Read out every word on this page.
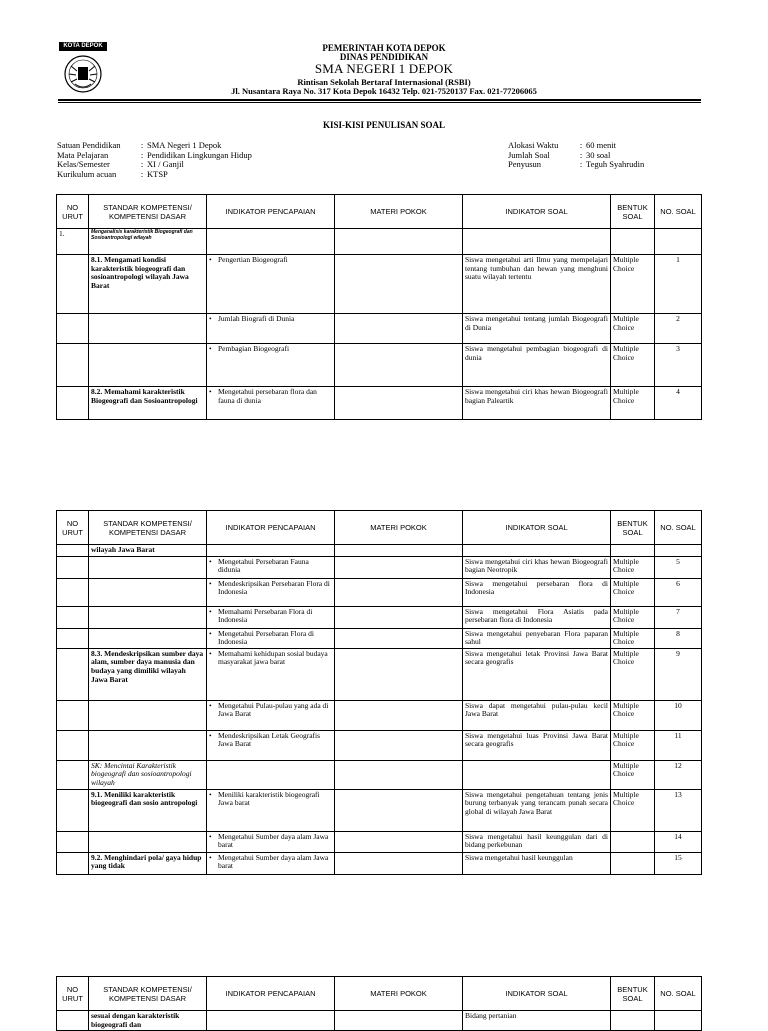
KOTA DEPOK	PEMERINTAH KOTA DEPOK
DINAS PENDIDIKAN
SMA NEGERI 1 DEPOK
Rintisan Sekolah Bertaraf Internasional (RSBI)
Jl. Nusantara Raya No. 317 Kota Depok 16432 Telp. 021-7520137 Fax. 021-77206065
KISI-KISI PENULISAN SOAL
Satuan Pendidikan	: SMA Negeri 1 Depok
Mata Pelajaran	: Pendidikan Lingkungan Hidup
Kelas/Semester	: XI / Ganjil
Kurikulum acuan	: KTSP
Alokasi Waktu	: 60 menit
Jumlah Soal	: 30 soal
Penyusun	: Teguh Syahrudin
NO URUT	STANDAR KOMPETENSI/ KOMPETENSI DASAR	INDIKATOR PENCAPAIAN	MATERI POKOK	INDIKATOR SOAL	BENTUK SOAL	NO. SOAL
1.	Menganalisis karakteristik Biogeografi dan Sosioantropologi wilayah					
	8.1. Mengamati kondisi karakteristik biogeografi dan sosioantropologi wilayah Jawa Barat	• Pengertian Biogeografi		Siswa mengetahui arti Ilmu yang mempelajari tentang tumbuhan dan hewan yang menghuni suatu wilayah tertentu	Multiple Choice	1

		• Jumlah Biografi di Dunia		Siswa mengetahui tentang jumlah Biogeografi di Dunia	Multiple Choice	2

		• Pembagian Biogeografi		Siswa mengetahui pembagian biogeografi di dunia	Multiple Choice	3
	8.2. Memahami karakteristik Biogeografi dan Sosioantropologi	• Mengetahui persebaran flora dan fauna di dunia		Siswa mengetahui ciri khas hewan Biogeografi bagian Paleartik	Multiple Choice	4
NO URUT	STANDAR KOMPETENSI/ KOMPETENSI DASAR	INDIKATOR PENCAPAIAN	MATERI POKOK	INDIKATOR SOAL	BENTUK SOAL	NO. SOAL
	wilayah Jawa Barat					

		• Mengetahui Persebaran Fauna didunia		Siswa mengetahui ciri khas hewan Biogeografi bagian Neotropik	Multiple Choice	5

		• Mendeskripsikan Persebaran Flora di Indonesia		Siswa mengetahui persebaran flora di Indonesia	Multiple Choice	6

		• Memahami Persebaran Flora di Indonesia		Siswa mengetahui Flora Asiatis pada persebaran flora di Indonesia	Multiple Choice	7

		• Mengetahui Persebaran Flora di Indonesia		Siswa mengetahui penyebaran Flora paparan sahul	Multiple Choice	8
	8.3. Mendeskripsikan sumber daya alam, sumber daya manusia dan budaya yang dimiliki wilayah Jawa Barat	• Memahami kehidupan sosial budaya masyarakat jawa barat		Siswa mengetahui letak Provinsi Jawa Barat secara geografis	Multiple Choice	9

		• Mengetahui Pulau-pulau yang ada di Jawa Barat		Siswa dapat mengetahui pulau-pulau kecil Jawa Barat	Multiple Choice	10

		• Mendeskripsikan Letak Geografis Jawa Barat		Siswa mengetahui luas Provinsi Jawa Barat secara geografis	Multiple Choice	11
	SK: Mencintai Karakteristik biogeografi dan sosioantropologi wilayah				Multiple Choice	12
	9.1. Meniliki karakteristik biogeografi dan sosio antropologi	• Meniliki karakteristik biogeografi Jawa barat		Siswa mengetahui pengetahuan tentang jenis burung terbanyak yang terancam punah secara global di wilayah Jawa Barat	Multiple Choice	13

		• Mengetahui Sumber daya alam Jawa barat		Siswa mengetahui hasil keunggulan dari di bidang perkebunan		14
	9.2. Menghindari pola/ gaya hidup yang tidak	• Mengetahui Sumber daya alam Jawa barat		Siswa mengetahui hasil keunggulan		15
NO URUT	STANDAR KOMPETENSI/ KOMPETENSI DASAR	INDIKATOR PENCAPAIAN	MATERI POKOK	INDIKATOR SOAL	BENTUK SOAL	NO. SOAL
	sesuai dengan karakteristik biogeografi dan			Bidang pertanian		
